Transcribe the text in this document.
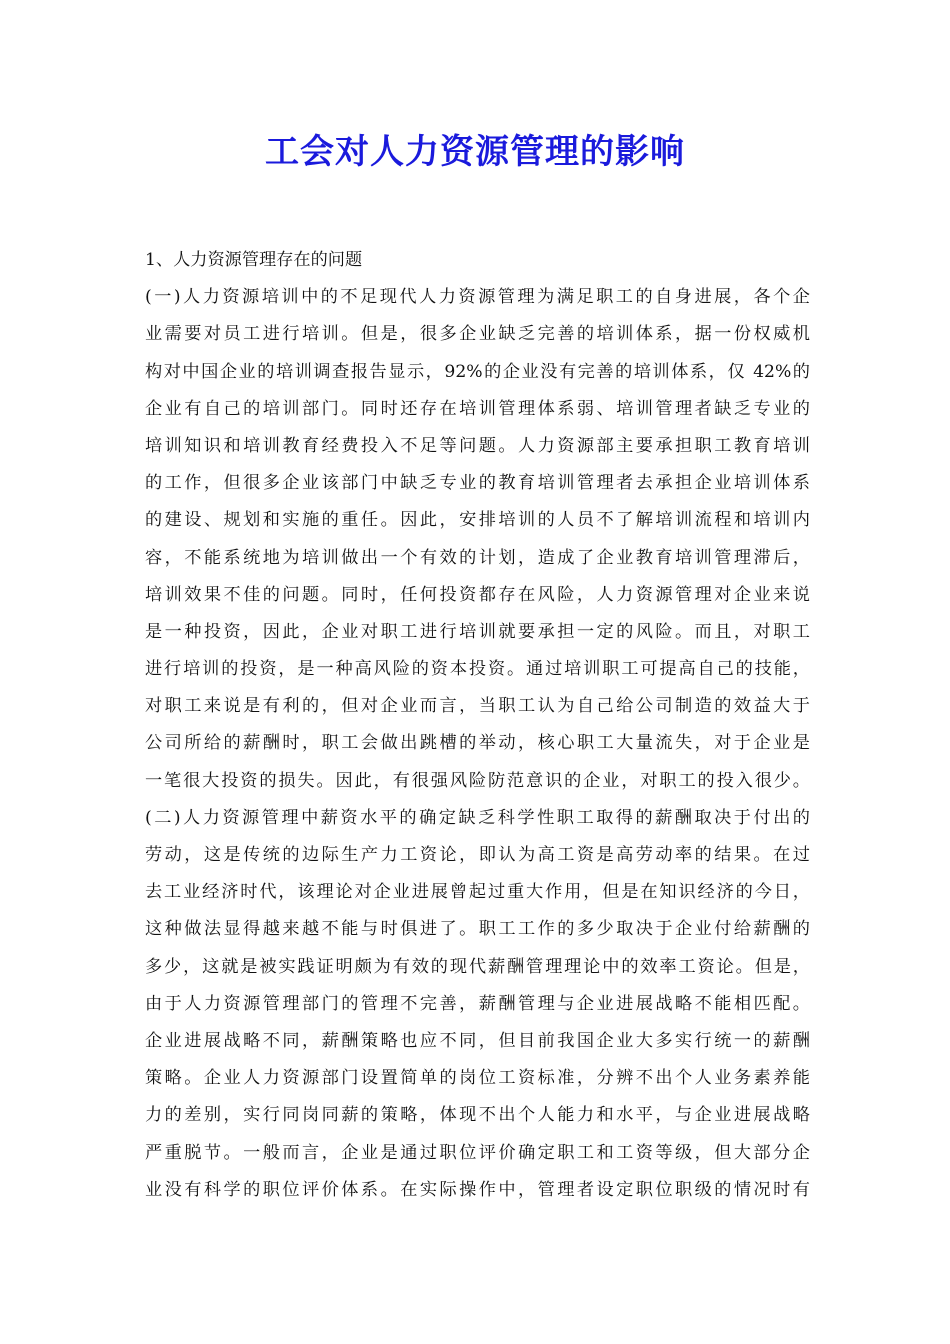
工会对人力资源管理的影响
1、人力资源管理存在的问题
(一)人力资源培训中的不足现代人力资源管理为满足职工的自身进展，各个企
业需要对员工进行培训。但是，很多企业缺乏完善的培训体系，据一份权威机
构对中国企业的培训调查报告显示，92%的企业没有完善的培训体系，仅 42%的
企业有自己的培训部门。同时还存在培训管理体系弱、培训管理者缺乏专业的
培训知识和培训教育经费投入不足等问题。人力资源部主要承担职工教育培训
的工作，但很多企业该部门中缺乏专业的教育培训管理者去承担企业培训体系
的建设、规划和实施的重任。因此，安排培训的人员不了解培训流程和培训内
容，不能系统地为培训做出一个有效的计划，造成了企业教育培训管理滞后，
培训效果不佳的问题。同时，任何投资都存在风险，人力资源管理对企业来说
是一种投资，因此，企业对职工进行培训就要承担一定的风险。而且，对职工
进行培训的投资，是一种高风险的资本投资。通过培训职工可提高自己的技能，
对职工来说是有利的，但对企业而言，当职工认为自己给公司制造的效益大于
公司所给的薪酬时，职工会做出跳槽的举动，核心职工大量流失，对于企业是
一笔很大投资的损失。因此，有很强风险防范意识的企业，对职工的投入很少。
(二)人力资源管理中薪资水平的确定缺乏科学性职工取得的薪酬取决于付出的
劳动，这是传统的边际生产力工资论，即认为高工资是高劳动率的结果。在过
去工业经济时代，该理论对企业进展曾起过重大作用，但是在知识经济的今日，
这种做法显得越来越不能与时俱进了。职工工作的多少取决于企业付给薪酬的
多少，这就是被实践证明颇为有效的现代薪酬管理理论中的效率工资论。但是，
由于人力资源管理部门的管理不完善，薪酬管理与企业进展战略不能相匹配。
企业进展战略不同，薪酬策略也应不同，但目前我国企业大多实行统一的薪酬
策略。企业人力资源部门设置简单的岗位工资标准，分辨不出个人业务素养能
力的差别，实行同岗同薪的策略，体现不出个人能力和水平，与企业进展战略
严重脱节。一般而言，企业是通过职位评价确定职工和工资等级，但大部分企
业没有科学的职位评价体系。在实际操作中，管理者设定职位职级的情况时有
